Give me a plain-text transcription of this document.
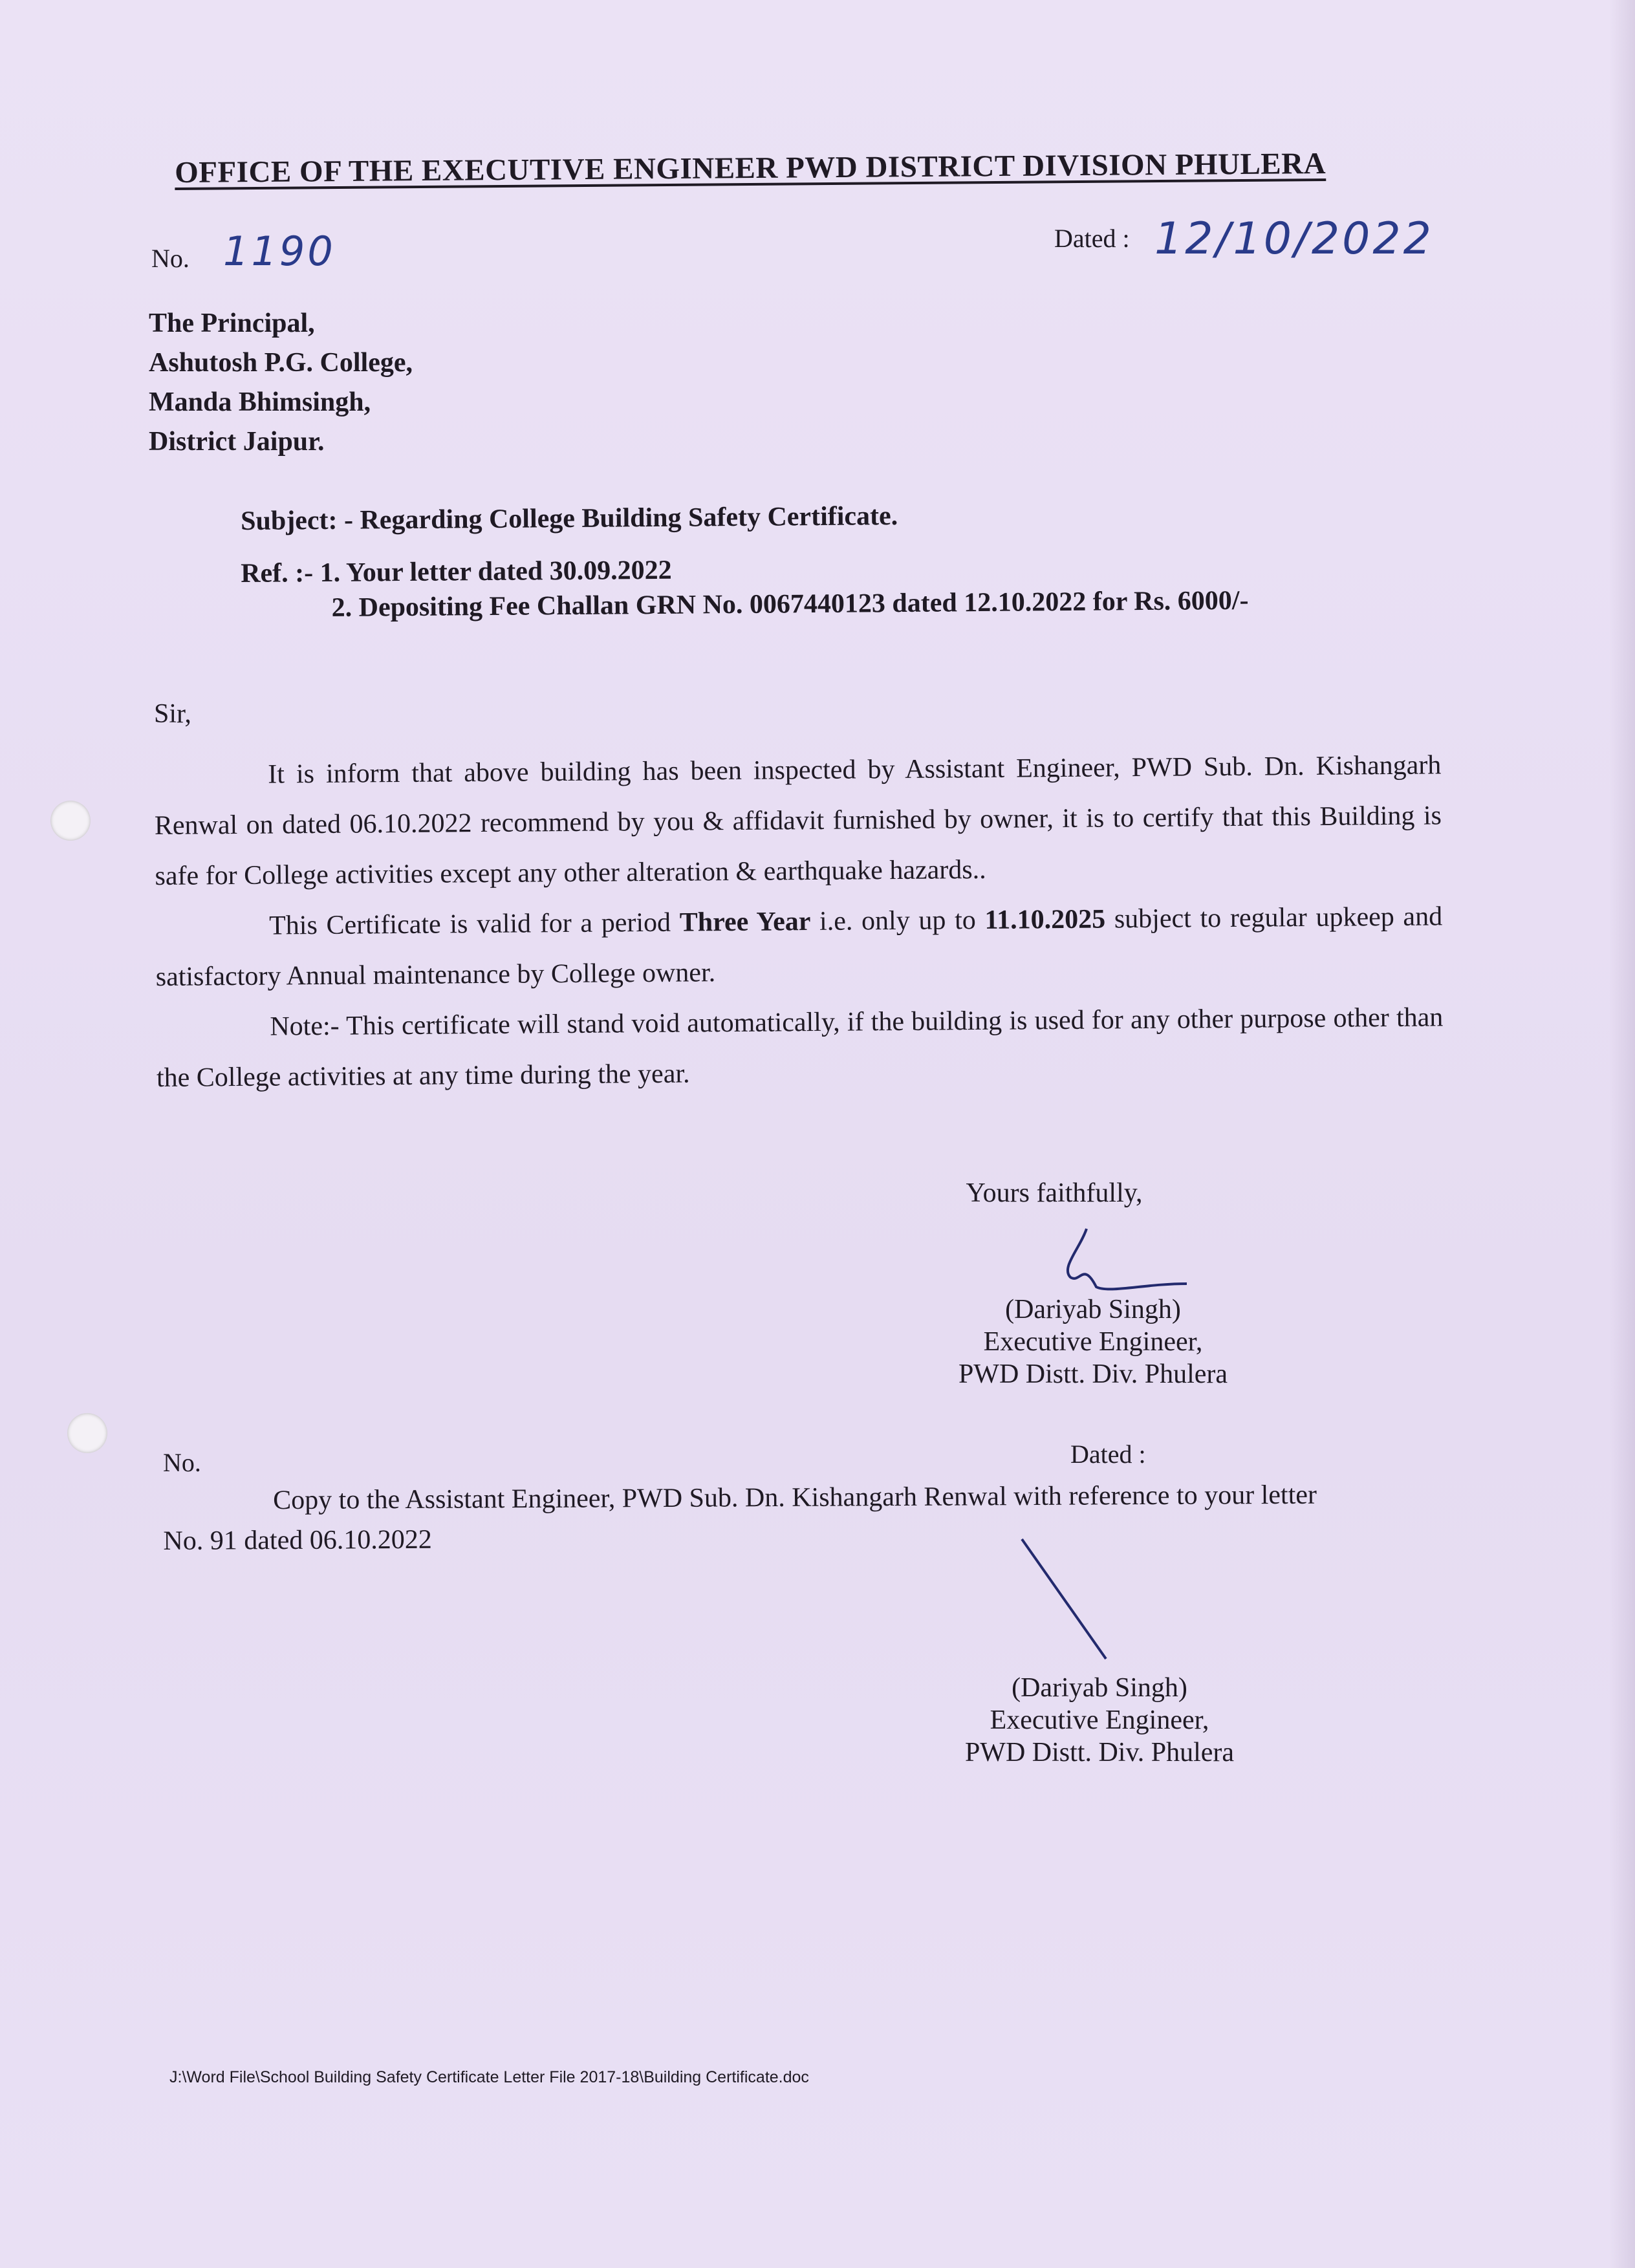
OFFICE OF THE EXECUTIVE ENGINEER PWD DISTRICT DIVISION PHULERA
No. 1190	Dated : 12/10/2022
The Principal,
Ashutosh P.G. College,
Manda Bhimsingh,
District Jaipur.
Subject: - Regarding College Building Safety Certificate.
Ref. :- 1. Your letter dated 30.09.2022
2. Depositing Fee Challan GRN No. 0067440123 dated 12.10.2022 for Rs. 6000/-
Sir,

It is inform that above building has been inspected by Assistant Engineer, PWD Sub. Dn. Kishangarh Renwal on dated 06.10.2022 recommend by you & affidavit furnished by owner, it is to certify that this Building is safe for College activities except any other alteration & earthquake hazards..

This Certificate is valid for a period Three Year i.e. only up to 11.10.2025 subject to regular upkeep and satisfactory Annual maintenance by College owner.

Note:- This certificate will stand void automatically, if the building is used for any other purpose other than the College activities at any time during the year.

Yours faithfully,
(Dariyab Singh)
Executive Engineer,
PWD Distt. Div. Phulera
No.	Dated :
Copy to the Assistant Engineer, PWD Sub. Dn. Kishangarh Renwal with reference to your letter
No. 91 dated 06.10.2022
(Dariyab Singh)
Executive Engineer,
PWD Distt. Div. Phulera
J:\Word File\School Building Safety Certificate Letter File 2017-18\Building Certificate.doc
